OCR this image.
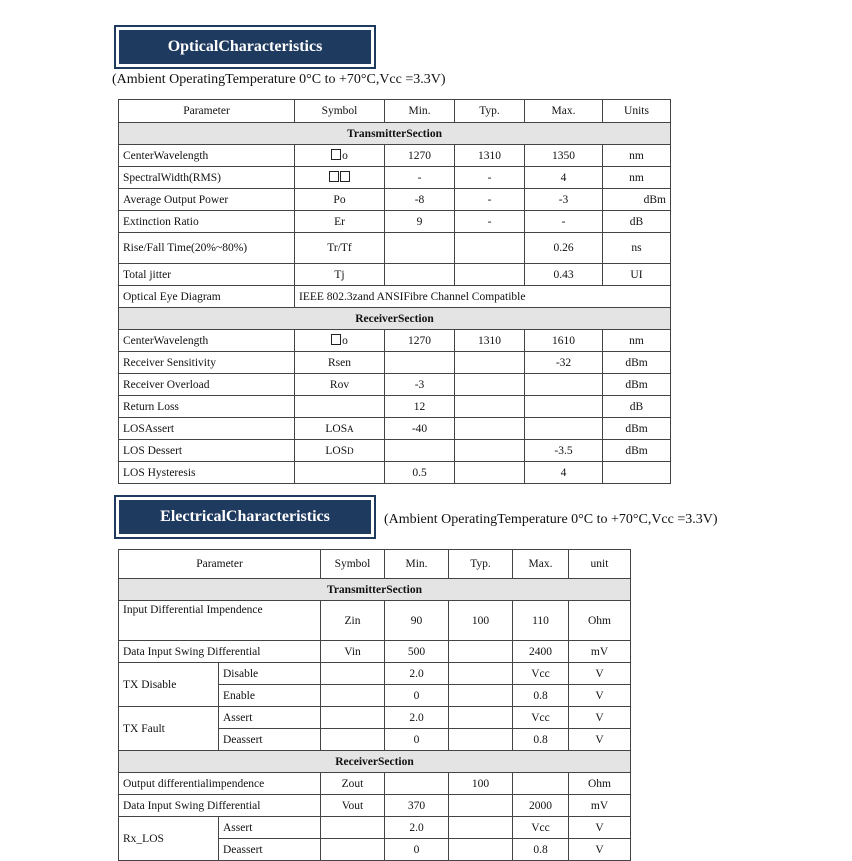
OpticalCharacteristics
(Ambient OperatingTemperature 0°C to +70°C,Vcc =3.3V)
Parameter	Symbol	Min.	Typ.	Max.	Units
TransmitterSection					
CenterWavelength	o	1270	1310	1350	nm
SpectralWidth(RMS)		-	-	4	nm
Average Output Power	Po	-8	-	-3	dBm
Extinction Ratio	Er	9	-	-	dB
Rise/Fall Time(20%~80%)	Tr/Tf			0.26	ns
Total jitter	Tj			0.43	UI
Optical Eye Diagram	IEEE 802.3zand ANSIFibre Channel Compatible				
ReceiverSection					
CenterWavelength	o	1270	1310	1610	nm
Receiver Sensitivity	Rsen			-32	dBm
Receiver Overload	Rov	-3			dBm
Return Loss		12			dB
LOSAssert	LOSA	-40			dBm
LOS Dessert	LOSD			-3.5	dBm
LOS Hysteresis		0.5		4	
ElectricalCharacteristics	(Ambient OperatingTemperature 0°C to +70°C,Vcc =3.3V)
Parameter		Symbol	Min.	Typ.	Max.	unit
TransmitterSection						
Input Differential Impendence		Zin	90	100	110	Ohm
Data Input Swing Differential		Vin	500		2400	mV
TX Disable	Disable		2.0		Vcc	V
	Enable		0		0.8	V
TX Fault	Assert		2.0		Vcc	V
	Deassert		0		0.8	V
ReceiverSection						
Output differentialimpendence		Zout		100		Ohm
Data Input Swing Differential		Vout	370		2000	mV
Rx_LOS	Assert		2.0		Vcc	V
	Deassert		0		0.8	V
